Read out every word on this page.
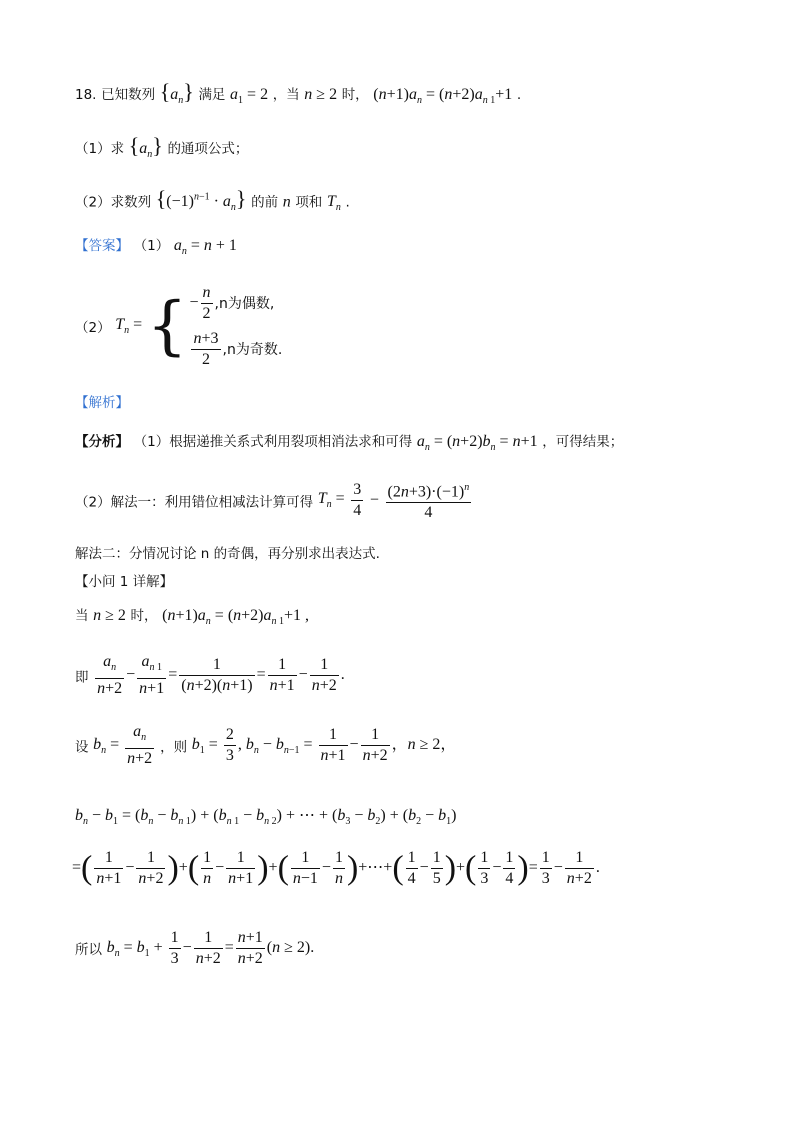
18. 已知数列 $\{a_n\}$ 满足 $a_1 = 2$ ，当 n ≥ 2 时， $(n+1)a_n = (n+2)a_{n 1}+1$ .
（1）求 $\{a_n\}$ 的通项公式；
（2）求数列 $\{(-1)^{n-1} \cdot a_n\}$ 的前 n 项和 $T_n$ .
【答案】 （1） $a_n = n + 1$
（2） $T_n$ = { − $\frac{n}{2} ,n$为偶数,
$\frac{n+3}{2} ,n$为奇数.
【解析】
【分析】 （1）根据递推关系式利用裂项相消法求和可得 $a_n = (n+2)b_n = n+1$ ，可得结果；
（2）解法一：利用错位相减法计算可得 $T_n = \frac{3}{4} - \frac{(2n+3)\cdot(-1)^n}{4}$
解法二：分情况讨论 n 的奇偶，再分别求出表达式.
【小问 1 详解】
当 n ≥ 2 时， $(n+1)a_n = (n+2)a_{n 1}+1$ ,
即 $\frac{a_n}{n+2} - \frac{a_{n 1}}{n+1} = \frac{1}{(n+2)(n+1)} = \frac{1}{n+1} - \frac{1}{n+2}$ .
设 $b_n = \frac{a_n}{n+2}$ ，则 $b_1 = \frac{2}{3}$ , $b_n - b_{n-1} = \frac{1}{n+1} - \frac{1}{n+2}$ ，n ≥ 2，
$b_n - b_1 = (b_n - b_{n 1}) + (b_{n 1} - b_{n 2})$ + ⋯ + $(b_3 - b_2) + (b_2 - b_1)$
=( $\frac{1}{n+1} - \frac{1}{n+2}$ )+( $\frac{1}{n} - \frac{1}{n+1}$ )+( $\frac{1}{n-1} - \frac{1}{n}$ )+⋯+( $\frac{1}{4} - \frac{1}{5}$ )+( $\frac{1}{3} - \frac{1}{4}$ )= $\frac{1}{3} - \frac{1}{n+2}$ .
所以 $b_n = b_1 + \frac{1}{3} - \frac{1}{n+2} = \frac{n+1}{n+2} (n \ge 2)$.
